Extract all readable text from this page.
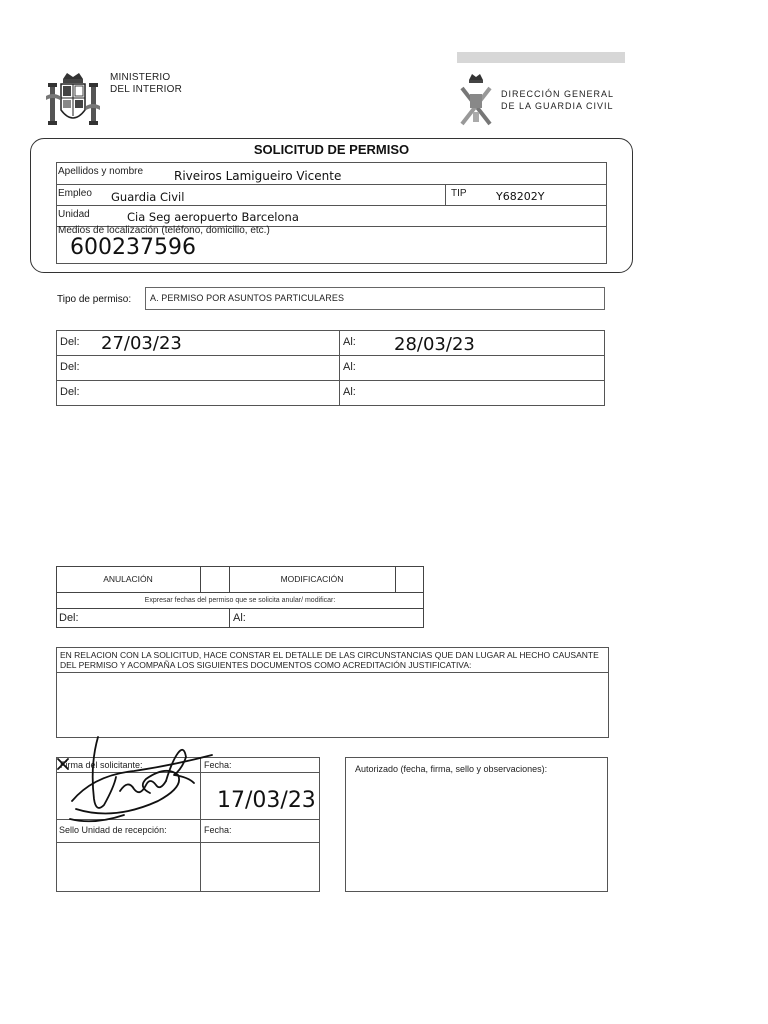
MINISTERIO
DEL INTERIOR	DIRECCIÓN GENERAL
DE LA GUARDIA CIVIL
SOLICITUD DE PERMISO
Apellidos y nombre	Riveiros Lamigueiro Vicente
Empleo Guardia Civil	TIP	Y68202Y
Unidad	Cia Seg aeropuerto Barcelona
Medios de localización (teléfono, domicilio, etc.)
600237596
Tipo de permiso: A. PERMISO POR ASUNTOS PARTICULARES
Del: 27/03/23	Al: 28/03/23
Del:	Al:
Del:	Al:
ANULACIÓN	MODIFICACIÓN
Expresar fechas del permiso que se solicita anular/ modificar:
Del:	Al:
EN RELACION CON LA SOLICITUD, HACE CONSTAR EL DETALLE DE LAS CIRCUNSTANCIAS QUE DAN LUGAR AL HECHO CAUSANTE DEL PERMISO Y ACOMPAÑA LOS SIGUIENTES DOCUMENTOS COMO ACREDITACIÓN JUSTIFICATIVA:
Firma del solicitante:	Fecha:
17/03/23
Sello Unidad de recepción:	Fecha:
Autorizado (fecha, firma, sello y observaciones):
